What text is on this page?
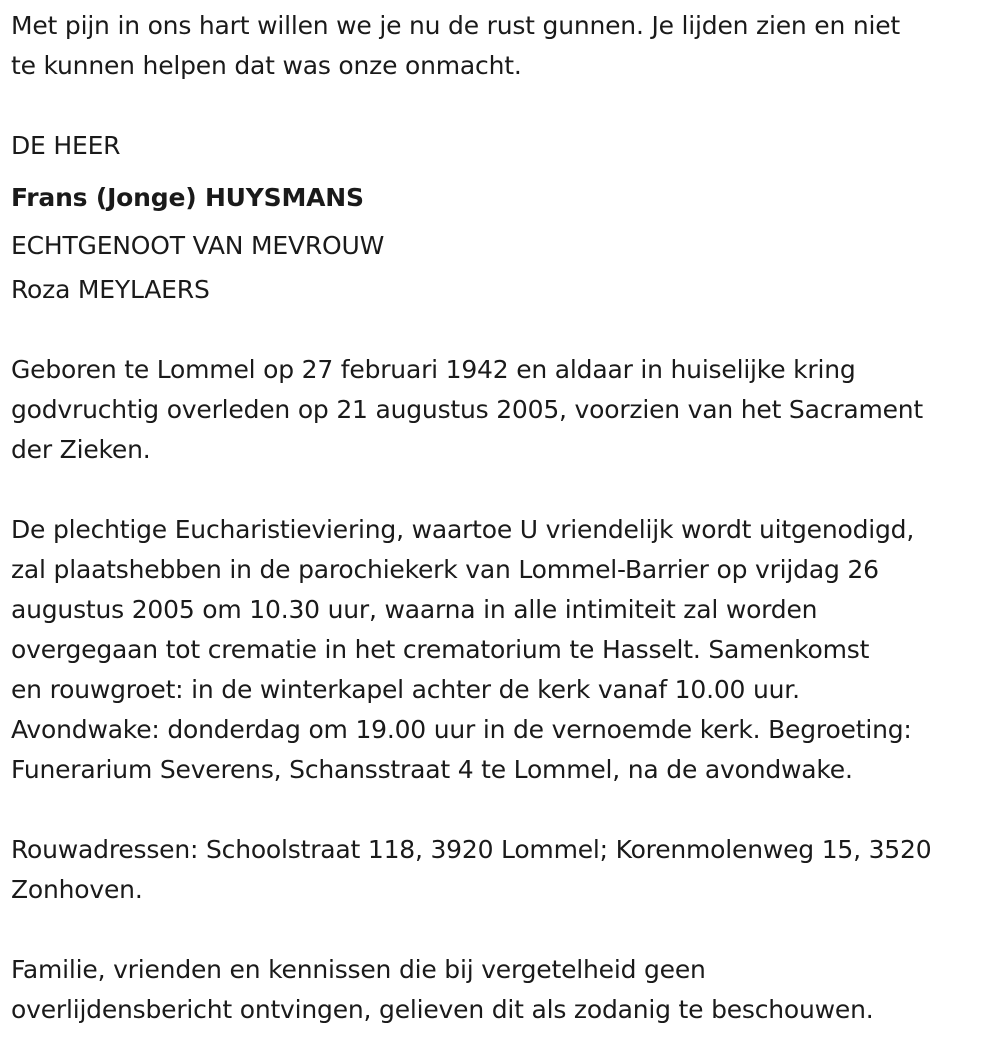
Met pijn in ons hart willen we je nu de rust gunnen. Je lijden zien en niet
te kunnen helpen dat was onze onmacht.
DE HEER
Frans (Jonge) HUYSMANS
ECHTGENOOT VAN MEVROUW
Roza MEYLAERS
Geboren te Lommel op 27 februari 1942 en aldaar in huiselijke kring
godvruchtig overleden op 21 augustus 2005, voorzien van het Sacrament
der Zieken.
De plechtige Eucharistieviering, waartoe U vriendelijk wordt uitgenodigd,
zal plaatshebben in de parochiekerk van Lommel-Barrier op vrijdag 26
augustus 2005 om 10.30 uur, waarna in alle intimiteit zal worden
overgegaan tot crematie in het crematorium te Hasselt. Samenkomst
en rouwgroet: in de winterkapel achter de kerk vanaf 10.00 uur.
Avondwake: donderdag om 19.00 uur in de vernoemde kerk. Begroeting:
Funerarium Severens, Schansstraat 4 te Lommel, na de avondwake.
Rouwadressen: Schoolstraat 118, 3920 Lommel; Korenmolenweg 15, 3520
Zonhoven.
Familie, vrienden en kennissen die bij vergetelheid geen
overlijdensbericht ontvingen, gelieven dit als zodanig te beschouwen.
